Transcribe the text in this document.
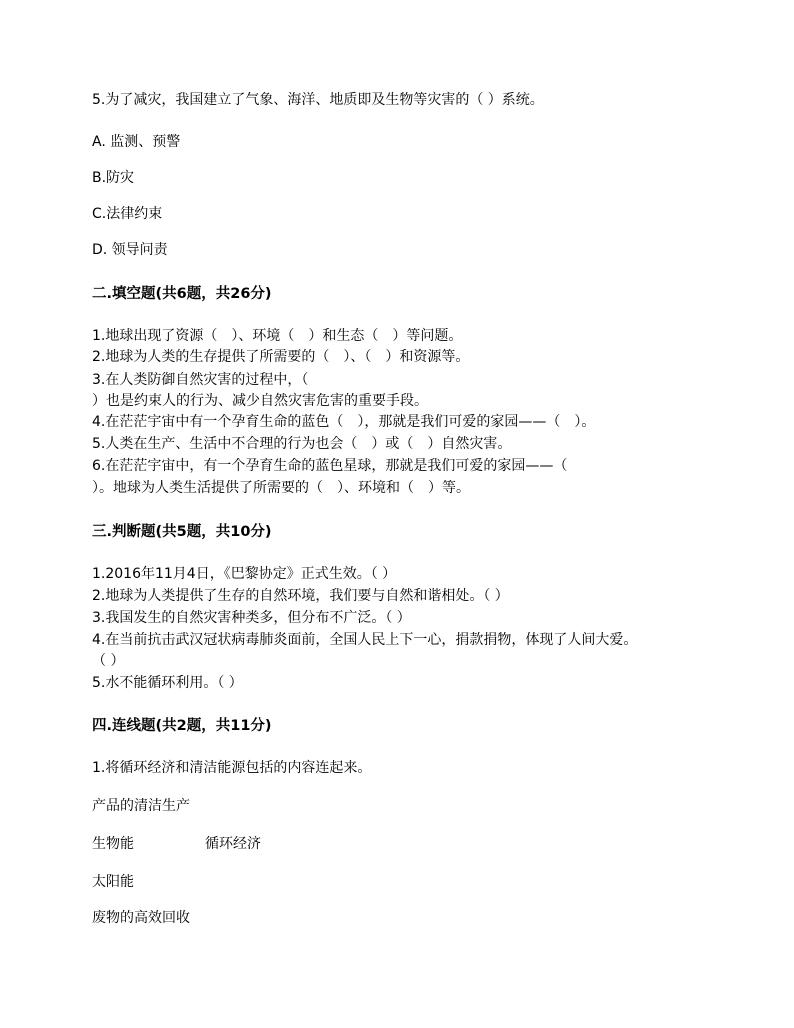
5.为了减灾，我国建立了气象、海洋、地质即及生物等灾害的（ ）系统。
A. 监测、预警
B.防灾
C.法律约束
D. 领导问责
二.填空题(共6题，共26分)
1.地球出现了资源（　）、环境（　）和生态（　）等问题。
2.地球为人类的生存提供了所需要的（　）、（　）和资源等。
3.在人类防御自然灾害的过程中，（
）也是约束人的行为、减少自然灾害危害的重要手段。
4.在茫茫宇宙中有一个孕育生命的蓝色（　），那就是我们可爱的家园——（　）。
5.人类在生产、生活中不合理的行为也会（　）或（　）自然灾害。
6.在茫茫宇宙中，有一个孕育生命的蓝色星球，那就是我们可爱的家园——（
）。地球为人类生活提供了所需要的（　）、环境和（　）等。
三.判断题(共5题，共10分)
1.2016年11月4日，《巴黎协定》正式生效。（ ）
2.地球为人类提供了生存的自然环境，我们要与自然和谐相处。（ ）
3.我国发生的自然灾害种类多，但分布不广泛。（ ）
4.在当前抗击武汉冠状病毒肺炎面前，全国人民上下一心，捐款捐物，体现了人间大爱。
（ ）
5.水不能循环利用。（ ）
四.连线题(共2题，共11分)
1.将循环经济和清洁能源包括的内容连起来。
产品的清洁生产
生物能	循环经济
太阳能
废物的高效回收
